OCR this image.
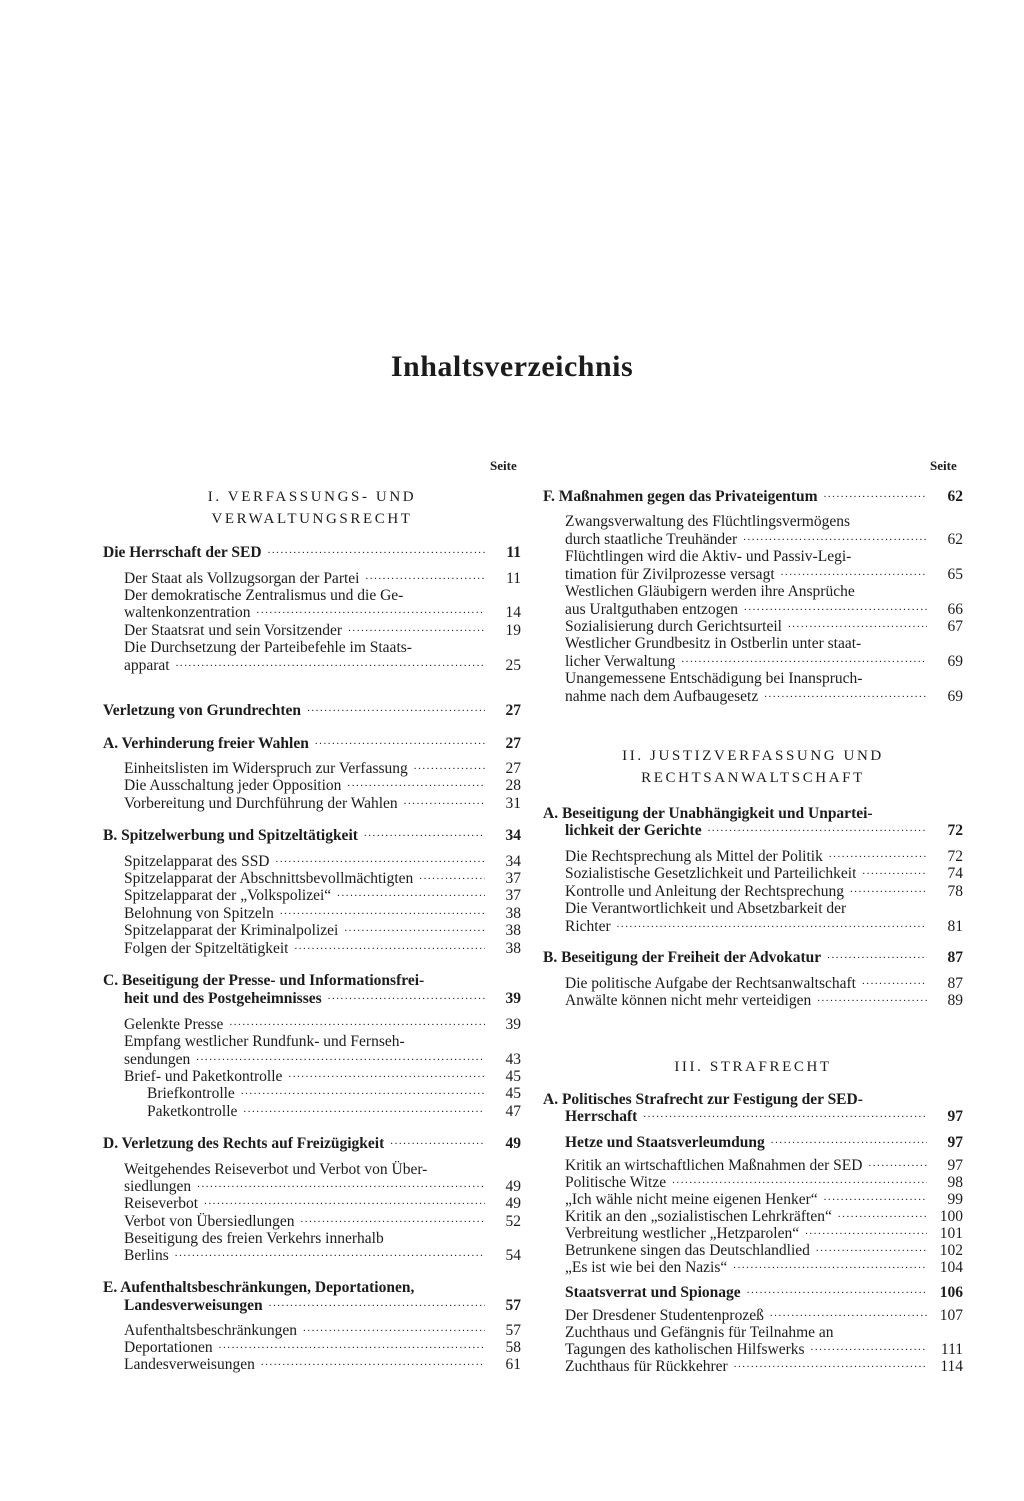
Inhaltsverzeichnis
Seite	Seite
I. VERFASSUNGS- UND
VERWALTUNGSRECHT
Die Herrschaft der SED . . .	11
Der Staat als Vollzugsorgan der Partei . . .	11
Der demokratische Zentralismus und die Ge-
waltenkonzentration . . .	14
Der Staatsrat und sein Vorsitzender . . .	19
Die Durchsetzung der Parteibefehle im Staats-
apparat . . .	25
Verletzung von Grundrechten . . .	27
A. Verhinderung freier Wahlen . . .	27
Einheitslisten im Widerspruch zur Verfassung . . .	27
Die Ausschaltung jeder Opposition . . .	28
Vorbereitung und Durchführung der Wahlen . . .	31
B. Spitzelwerbung und Spitzeltätigkeit . . .	34
Spitzelapparat des SSD . . .	34
Spitzelapparat der Abschnittsbevollmächtigten . . .	37
Spitzelapparat der „Volkspolizei“ . . .	37
Belohnung von Spitzeln . . .	38
Spitzelapparat der Kriminalpolizei . . .	38
Folgen der Spitzeltätigkeit . . .	38
C. Beseitigung der Presse- und Informationsfrei-
heit und des Postgeheimnisses . . .	39
Gelenkte Presse . . .	39
Empfang westlicher Rundfunk- und Fernseh-
sendungen . . .	43
Brief- und Paketkontrolle . . .	45
Briefkontrolle . . .	45
Paketkontrolle . . .	47
D. Verletzung des Rechts auf Freizügigkeit . . .	49
Weitgehendes Reiseverbot und Verbot von Über-
siedlungen . . .	49
Reiseverbot . . .	49
Verbot von Übersiedlungen . . .	52
Beseitigung des freien Verkehrs innerhalb
Berlins . . .	54
E. Aufenthaltsbeschränkungen, Deportationen,
Landesverweisungen . . .	57
Aufenthaltsbeschränkungen . . .	57
Deportationen . . .	58
Landesverweisungen . . .	61
F. Maßnahmen gegen das Privateigentum . . .	62
Zwangsverwaltung des Flüchtlingsvermögens
durch staatliche Treuhänder . . .	62
Flüchtlingen wird die Aktiv- und Passiv-Legi-
timation für Zivilprozesse versagt . . .	65
Westlichen Gläubigern werden ihre Ansprüche
aus Uraltguthaben entzogen . . .	66
Sozialisierung durch Gerichtsurteil . . .	67
Westlicher Grundbesitz in Ostberlin unter staat-
licher Verwaltung . . .	69
Unangemessene Entschädigung bei Inanspruch-
nahme nach dem Aufbaugesetz . . .	69
II. JUSTIZVERFASSUNG UND
RECHTSANWALTSCHAFT
A. Beseitigung der Unabhängigkeit und Unpartei-
lichkeit der Gerichte . . .	72
Die Rechtsprechung als Mittel der Politik . . .	72
Sozialistische Gesetzlichkeit und Parteilichkeit . . .	74
Kontrolle und Anleitung der Rechtsprechung . . .	78
Die Verantwortlichkeit und Absetzbarkeit der
Richter . . .	81
B. Beseitigung der Freiheit der Advokatur . . .	87
Die politische Aufgabe der Rechtsanwaltschaft . . .	87
Anwälte können nicht mehr verteidigen . . .	89
III. STRAFRECHT
A. Politisches Strafrecht zur Festigung der SED-
Herrschaft . . .	97
Hetze und Staatsverleumdung . . .	97
Kritik an wirtschaftlichen Maßnahmen der SED . . .	97
Politische Witze . . .	98
„Ich wähle nicht meine eigenen Henker“ . . .	99
Kritik an den „sozialistischen Lehrkräften“ . . .	100
Verbreitung westlicher „Hetzparolen“ . . .	101
Betrunkene singen das Deutschlandlied . . .	102
„Es ist wie bei den Nazis“ . . .	104
Staatsverrat und Spionage . . .	106
Der Dresdener Studentenprozeß . . .	107
Zuchthaus und Gefängnis für Teilnahme an
Tagungen des katholischen Hilfswerks . . .	111
Zuchthaus für Rückkehrer . . .	114
